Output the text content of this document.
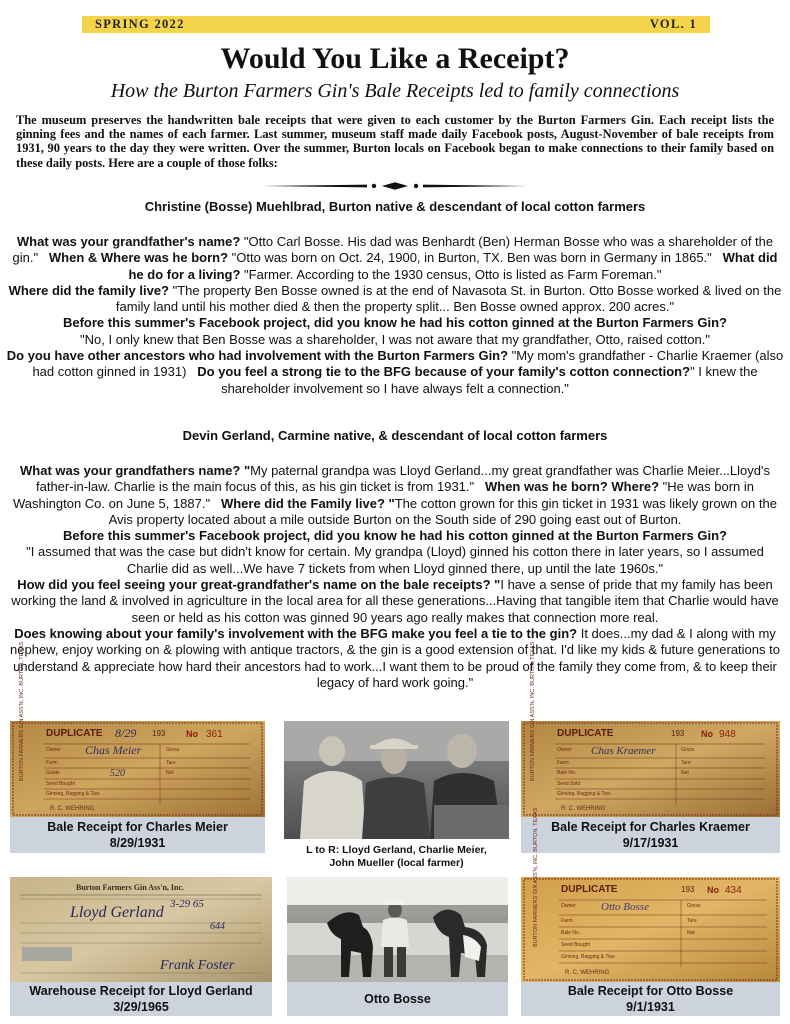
SPRING 2022	VOL. 1
Would You Like a Receipt?
How the Burton Farmers Gin's Bale Receipts led to family connections
The museum preserves the handwritten bale receipts that were given to each customer by the Burton Farmers Gin. Each receipt lists the ginning fees and the names of each farmer. Last summer, museum staff made daily Facebook posts, August-November of bale receipts from 1931, 90 years to the day they were written. Over the summer, Burton locals on Facebook began to make connections to their family based on these daily posts. Here are a couple of those folks:
Christine (Bosse) Muehlbrad, Burton native & descendant of local cotton farmers
What was your grandfather's name? "Otto Carl Bosse. His dad was Benhardt (Ben) Herman Bosse who was a shareholder of the gin." When & Where was he born? "Otto was born on Oct. 24, 1900, in Burton, TX. Ben was born in Germany in 1865." What did he do for a living? "Farmer. According to the 1930 census, Otto is listed as Farm Foreman."
Where did the family live? "The property Ben Bosse owned is at the end of Navasota St. in Burton. Otto Bosse worked & lived on the family land until his mother died & then the property split... Ben Bosse owned approx. 200 acres."
Before this summer's Facebook project, did you know he had his cotton ginned at the Burton Farmers Gin?
"No, I only knew that Ben Bosse was a shareholder, I was not aware that my grandfather, Otto, raised cotton."
Do you have other ancestors who had involvement with the Burton Farmers Gin? "My mom's grandfather - Charlie Kraemer (also had cotton ginned in 1931) Do you feel a strong tie to the BFG because of your family's cotton connection?" I knew the shareholder involvement so I have always felt a connection."
Devin Gerland, Carmine native, & descendant of local cotton farmers
What was your grandfathers name? "My paternal grandpa was Lloyd Gerland...my great grandfather was Charlie Meier...Lloyd's father-in-law. Charlie is the main focus of this, as his gin ticket is from 1931." When was he born? Where? "He was born in Washington Co. on June 5, 1887." Where did the Family live? "The cotton grown for this gin ticket in 1931 was likely grown on the Avis property located about a mile outside Burton on the South side of 290 going east out of Burton.
Before this summer's Facebook project, did you know he had his cotton ginned at the Burton Farmers Gin?
"I assumed that was the case but didn't know for certain. My grandpa (Lloyd) ginned his cotton there in later years, so I assumed Charlie did as well...We have 7 tickets from when Lloyd ginned there, up until the late 1960s."
How did you feel seeing your great-grandfather's name on the bale receipts? "I have a sense of pride that my family has been working the land & involved in agriculture in the local area for all these generations...Having that tangible item that Charlie would have seen or held as his cotton was ginned 90 years ago really makes that connection more real.
Does knowing about your family's involvement with the BFG make you feel a tie to the gin? It does...my dad & I along with my nephew, enjoy working on & plowing with antique tractors, & the gin is a good extension of that. I'd like my kids & future generations to understand & appreciate how hard their ancestors had to work...I want them to be proud of the family they come from, & to keep their legacy of hard work going."
BURTON FARMERS GIN ASS'N, INC. BURTON, TEXAS DUPLICATE 8/29 193 No 361
Owner Chas Meier
Farm
Grade	520
Seed Bought
Ginning, Bagging & Ties
R. C. WEHRING
Gross
Tare
Net
Bale Receipt for Charles Meier
8/29/1931	L to R: Lloyd Gerland, Charlie Meier,
John Mueller (local farmer)
BURTON FARMERS GIN ASS'N, INC. BURTON, TEXAS DUPLICATE	193 No 948
Owner Chas Kraemer
Farm
Bale No.
Seed Sold
Ginning, Bagging & Ties
R. C. WEHRING
Gross
Tare
Net
Bale Receipt for Charles Kraemer
9/17/1931
Burton Farmers Gin Ass'n, Inc.
Lloyd Gerland 3-29 65
644
Frank Foster
Warehouse Receipt for Lloyd Gerland
3/29/1965
Otto Bosse
BURTON FARMERS GIN ASS'N, INC. BURTON, TEXAS DUPLICATE	193 No 434
Owner Otto Bosse
Farm
Bale No.
Seed Bought
Ginning, Bagging & Ties
R. C. WEHRING
Gross
Tare
Net
Bale Receipt for Otto Bosse
9/1/1931
